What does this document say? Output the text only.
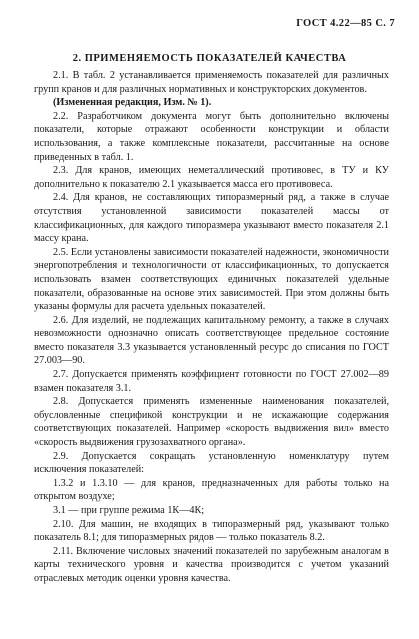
ГОСТ 4.22—85 С. 7
2. ПРИМЕНЯЕМОСТЬ ПОКАЗАТЕЛЕЙ КАЧЕСТВА

2.1. В табл. 2 устанавливается применяемость показателей для различных групп кранов и для различных нормативных и конструкторских документов.

(Измененная редакция, Изм. № 1).

2.2. Разработчиком документа могут быть дополнительно включены показатели, которые отражают особенности конструкции и области использования, а также комплексные показатели, рассчитанные на основе приведенных в табл. 1.

2.3. Для кранов, имеющих неметаллический противовес, в ТУ и КУ дополнительно к показателю 2.1 указывается масса его противовеса.

2.4. Для кранов, не составляющих типоразмерный ряд, а также в случае отсутствия установленной зависимости показателей массы от классификационных, для каждого типоразмера указывают вместо показателя 2.1 массу крана.

2.5. Если установлены зависимости показателей надежности, экономичности энергопотребления и технологичности от классификационных, то допускается использовать взамен соответствующих единичных показателей удельные показатели, образованные на основе этих зависимостей. При этом должны быть указаны формулы для расчета удельных показателей.

2.6. Для изделий, не подлежащих капитальному ремонту, а также в случаях невозможности однозначно описать соответствующее предельное состояние вместо показателя 3.3 указывается установленный ресурс до списания по ГОСТ 27.003—90.

2.7. Допускается применять коэффициент готовности по ГОСТ 27.002—89 взамен показателя 3.1.

2.8. Допускается применять измененные наименования показателей, обусловленные спецификой конструкции и не искажающие содержания соответствующих показателей. Например «скорость выдвижения вил» вместо «скорость выдвижения грузозахватного органа».

2.9. Допускается сокращать установленную номенклатуру путем исключения показателей:

1.3.2 и 1.3.10 — для кранов, предназначенных для работы только на открытом воздухе;

3.1 — при группе режима 1К—4К;

2.10. Для машин, не входящих в типоразмерный ряд, указывают только показатель 8.1; для типоразмерных рядов — только показатель 8.2.

2.11. Включение числовых значений показателей по зарубежным аналогам в карты технического уровня и качества производится с учетом указаний отраслевых методик оценки уровня качества.
